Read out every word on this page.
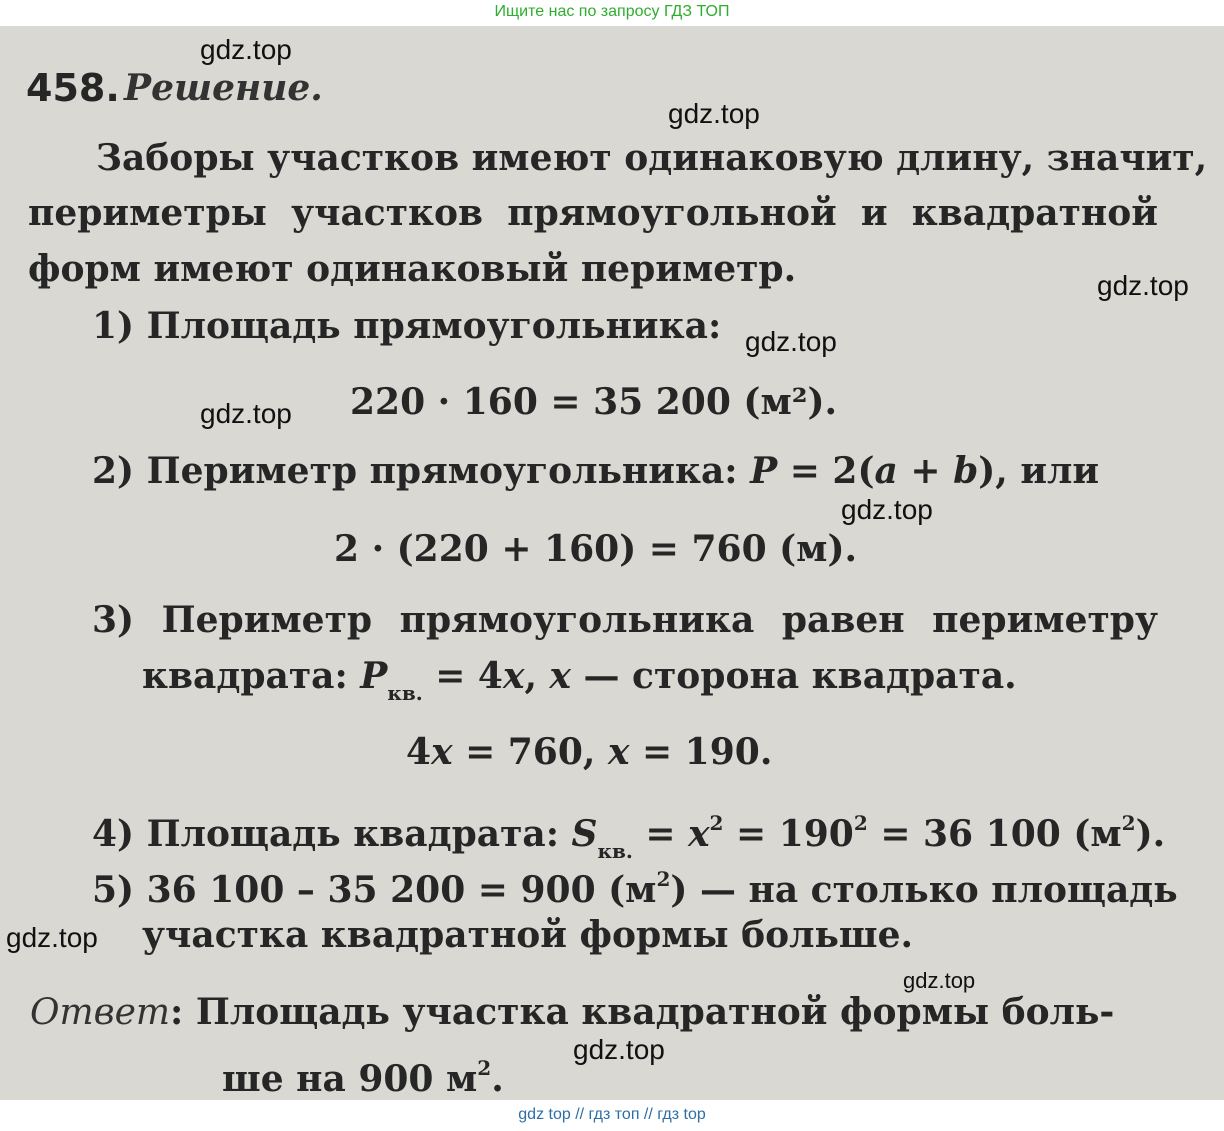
Ищите нас по запросу ГДЗ ТОП
458. Решение.
Заборы участков имеют одинаковую длину, значит,
периметры участков прямоугольной и квадратной
форм имеют одинаковый периметр.
1) Площадь прямоугольника:
220 · 160 = 35 200 (м²).
2) Периметр прямоугольника: P = 2(a + b), или
2 · (220 + 160) = 760 (м).
3) Периметр прямоугольника равен периметру
квадрата: $P_{кв.} = 4x$, x — сторона квадрата.
4x = 760, x = 190.
4) Площадь квадрата: $S_{кв.} = x^2 = 190^2 = 36$ 100 $(м^2)$.
5) 36 100 – 35 200 = 900 $(м^2)$ — на столько площадь
участка квадратной формы больше.
Ответ: Площадь участка квадратной формы боль-
ше на 900 $м^2$.
gdz.top
gdz.top
gdz.top
gdz.top
gdz.top
gdz.top
gdz.top
gdz.top
gdz.top
gdz top // гдз топ // гдз top
